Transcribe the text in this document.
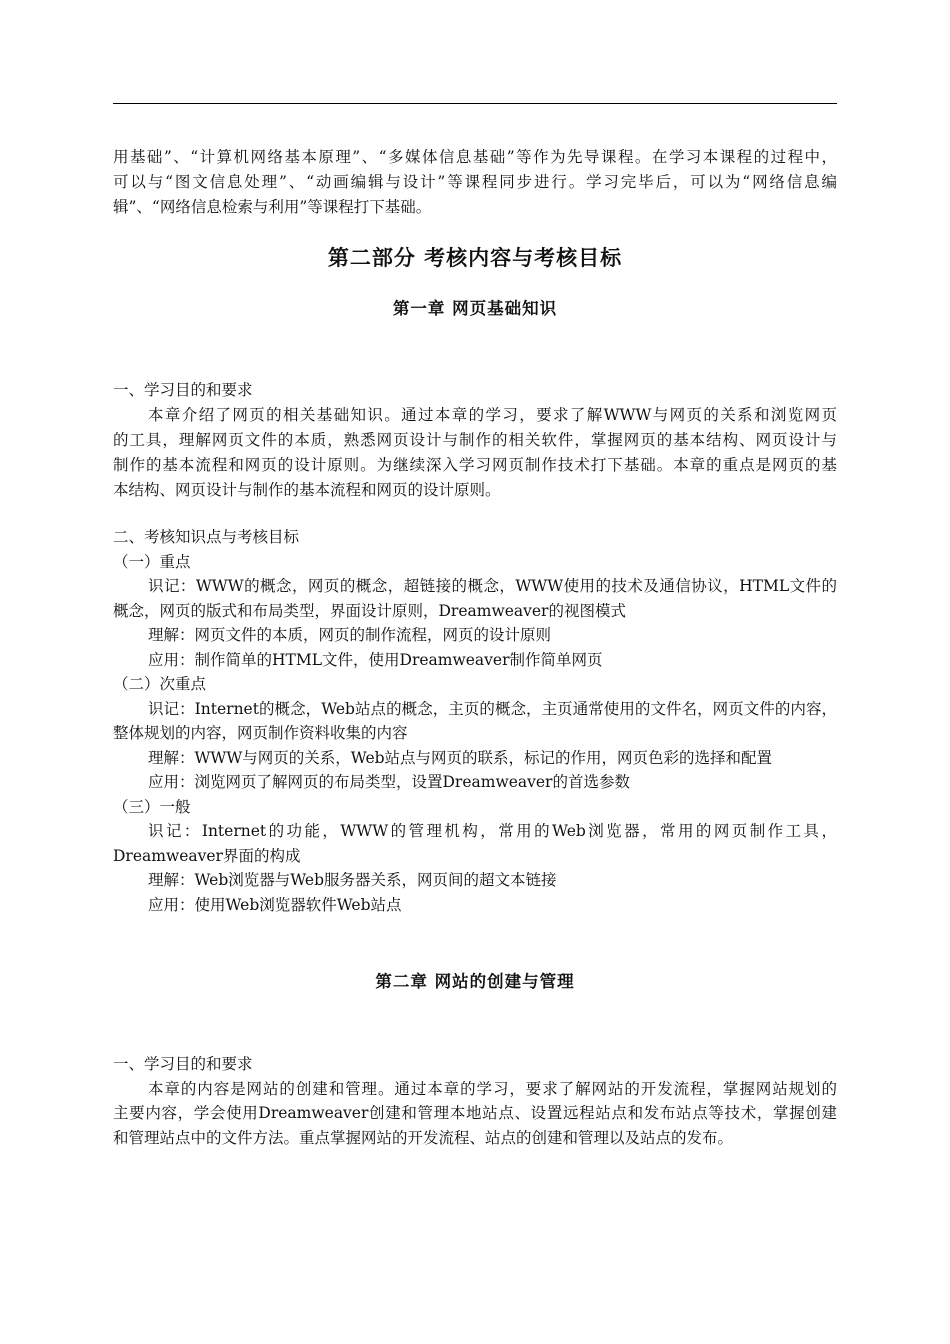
用基础”、“计算机网络基本原理”、“多媒体信息基础”等作为先导课程。在学习本课程的过程中，
可以与“图文信息处理”、“动画编辑与设计”等课程同步进行。学习完毕后，可以为“网络信息编
辑”、“网络信息检索与利用”等课程打下基础。
第二部分 考核内容与考核目标
第一章 网页基础知识
一、学习目的和要求
本章介绍了网页的相关基础知识。通过本章的学习，要求了解WWW与网页的关系和浏览网页
的工具，理解网页文件的本质，熟悉网页设计与制作的相关软件，掌握网页的基本结构、网页设计与
制作的基本流程和网页的设计原则。为继续深入学习网页制作技术打下基础。本章的重点是网页的基
本结构、网页设计与制作的基本流程和网页的设计原则。
二、考核知识点与考核目标
（一）重点
识记：WWW的概念，网页的概念，超链接的概念，WWW使用的技术及通信协议，HTML文件的
概念，网页的版式和布局类型，界面设计原则，Dreamweaver的视图模式
理解：网页文件的本质，网页的制作流程，网页的设计原则
应用：制作简单的HTML文件，使用Dreamweaver制作简单网页
（二）次重点
识记：Internet的概念，Web站点的概念，主页的概念，主页通常使用的文件名，网页文件的内容，
整体规划的内容，网页制作资料收集的内容
理解：WWW与网页的关系，Web站点与网页的联系，标记的作用，网页色彩的选择和配置
应用：浏览网页了解网页的布局类型，设置Dreamweaver的首选参数
（三）一般
识记：Internet的功能，WWW的管理机构，常用的Web浏览器，常用的网页制作工具，
Dreamweaver界面的构成
理解：Web浏览器与Web服务器关系，网页间的超文本链接
应用：使用Web浏览器软件Web站点
第二章 网站的创建与管理
一、学习目的和要求
本章的内容是网站的创建和管理。通过本章的学习，要求了解网站的开发流程，掌握网站规划的
主要内容，学会使用Dreamweaver创建和管理本地站点、设置远程站点和发布站点等技术，掌握创建
和管理站点中的文件方法。重点掌握网站的开发流程、站点的创建和管理以及站点的发布。
